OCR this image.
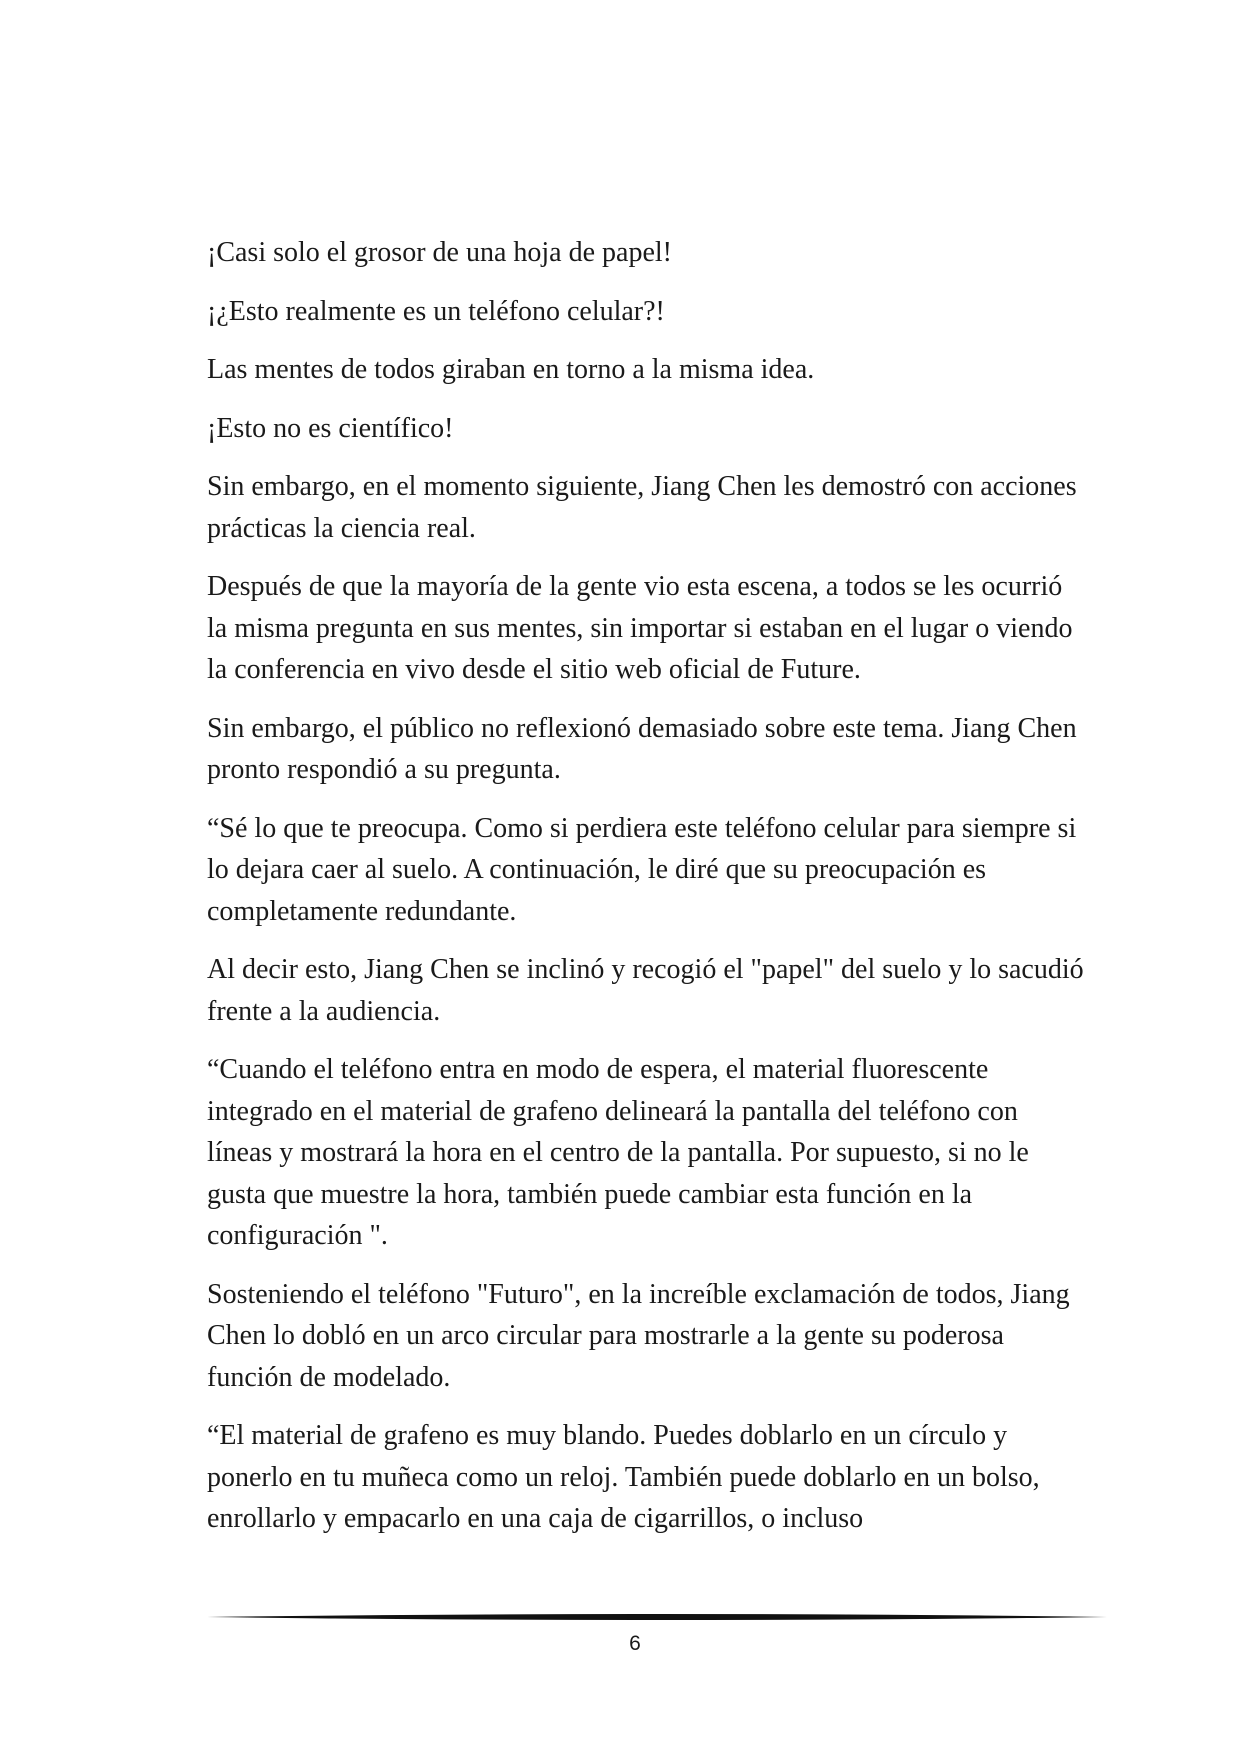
¡Casi solo el grosor de una hoja de papel!

¡¿Esto realmente es un teléfono celular?!

Las mentes de todos giraban en torno a la misma idea.

¡Esto no es científico!

Sin embargo, en el momento siguiente, Jiang Chen les demostró con acciones prácticas la ciencia real.

Después de que la mayoría de la gente vio esta escena, a todos se les ocurrió la misma pregunta en sus mentes, sin importar si estaban en el lugar o viendo la conferencia en vivo desde el sitio web oficial de Future.

Sin embargo, el público no reflexionó demasiado sobre este tema. Jiang Chen pronto respondió a su pregunta.

“Sé lo que te preocupa. Como si perdiera este teléfono celular para siempre si lo dejara caer al suelo. A continuación, le diré que su preocupación es completamente redundante.

Al decir esto, Jiang Chen se inclinó y recogió el "papel" del suelo y lo sacudió frente a la audiencia.

“Cuando el teléfono entra en modo de espera, el material fluorescente integrado en el material de grafeno delineará la pantalla del teléfono con líneas y mostrará la hora en el centro de la pantalla. Por supuesto, si no le gusta que muestre la hora, también puede cambiar esta función en la configuración ".

Sosteniendo el teléfono "Futuro", en la increíble exclamación de todos, Jiang Chen lo dobló en un arco circular para mostrarle a la gente su poderosa función de modelado.

“El material de grafeno es muy blando. Puedes doblarlo en un círculo y ponerlo en tu muñeca como un reloj. También puede doblarlo en un bolso, enrollarlo y empacarlo en una caja de cigarrillos, o incluso

6
